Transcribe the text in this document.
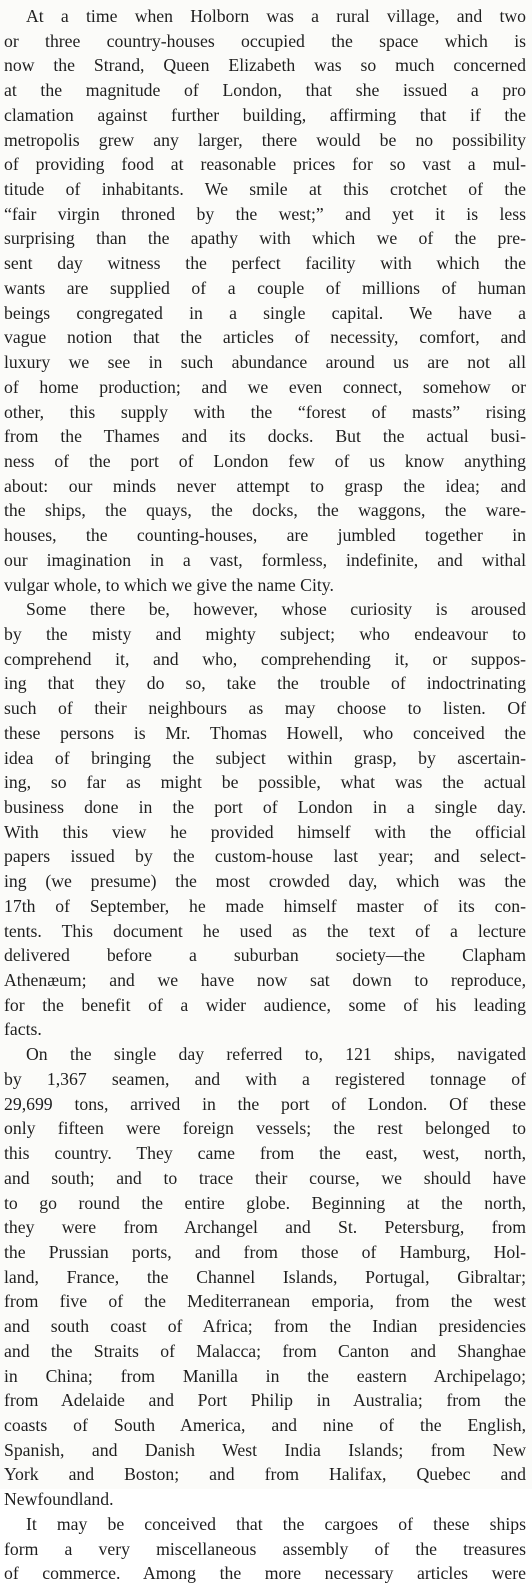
At a time when Holborn was a rural village, and two
or three country-houses occupied the space which is
now the Strand, Queen Elizabeth was so much concerned
at the magnitude of London, that she issued a pro
clamation against further building, affirming that if the
metropolis grew any larger, there would be no possibility
of providing food at reasonable prices for so vast a mul-
titude of inhabitants. We smile at this crotchet of the
“fair virgin throned by the west;” and yet it is less
surprising than the apathy with which we of the pre-
sent day witness the perfect facility with which the
wants are supplied of a couple of millions of human
beings congregated in a single capital. We have a
vague notion that the articles of necessity, comfort, and
luxury we see in such abundance around us are not all
of home production; and we even connect, somehow or
other, this supply with the “forest of masts” rising
from the Thames and its docks. But the actual busi-
ness of the port of London few of us know anything
about: our minds never attempt to grasp the idea; and
the ships, the quays, the docks, the waggons, the ware-
houses, the counting-houses, are jumbled together in
our imagination in a vast, formless, indefinite, and withal
vulgar whole, to which we give the name City.
Some there be, however, whose curiosity is aroused
by the misty and mighty subject; who endeavour to
comprehend it, and who, comprehending it, or suppos-
ing that they do so, take the trouble of indoctrinating
such of their neighbours as may choose to listen. Of
these persons is Mr. Thomas Howell, who conceived the
idea of bringing the subject within grasp, by ascertain-
ing, so far as might be possible, what was the actual
business done in the port of London in a single day.
With this view he provided himself with the official
papers issued by the custom-house last year; and select-
ing (we presume) the most crowded day, which was the
17th of September, he made himself master of its con-
tents. This document he used as the text of a lecture
delivered before a suburban society—the Clapham
Athenæum; and we have now sat down to reproduce,
for the benefit of a wider audience, some of his leading
facts.
On the single day referred to, 121 ships, navigated
by 1,367 seamen, and with a registered tonnage of
29,699 tons, arrived in the port of London. Of these
only fifteen were foreign vessels; the rest belonged to
this country. They came from the east, west, north,
and south; and to trace their course, we should have
to go round the entire globe. Beginning at the north,
they were from Archangel and St. Petersburg, from
the Prussian ports, and from those of Hamburg, Hol-
land, France, the Channel Islands, Portugal, Gibraltar;
from five of the Mediterranean emporia, from the west
and south coast of Africa; from the Indian presidencies
and the Straits of Malacca; from Canton and Shanghae
in China; from Manilla in the eastern Archipelago;
from Adelaide and Port Philip in Australia; from the
coasts of South America, and nine of the English,
Spanish, and Danish West India Islands; from New
York and Boston; and from Halifax, Quebec and
Newfoundland.
It may be conceived that the cargoes of these ships
form a very miscellaneous assembly of the treasures
of commerce. Among the more necessary articles were
